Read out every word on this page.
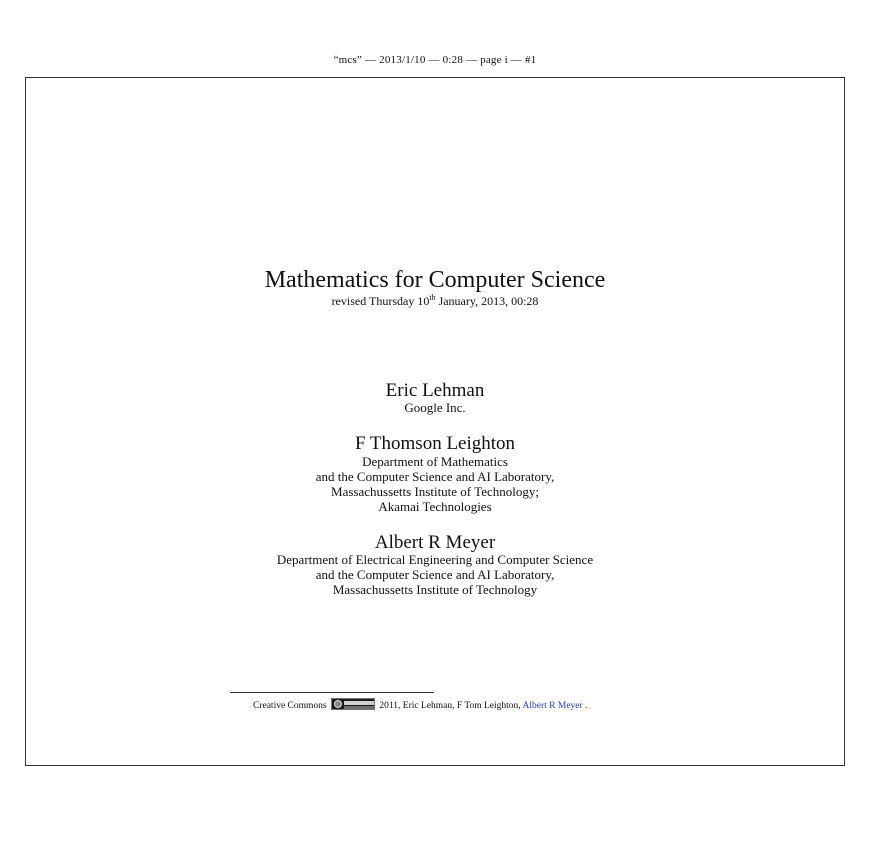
“mcs” — 2013/1/10 — 0:28 — page i — #1
Mathematics for Computer Science
revised Thursday 10th January, 2013, 00:28
Eric Lehman
Google Inc.
F Thomson Leighton
Department of Mathematics
and the Computer Science and AI Laboratory,
Massachussetts Institute of Technology;
Akamai Technologies
Albert R Meyer
Department of Electrical Engineering and Computer Science
and the Computer Science and AI Laboratory,
Massachussetts Institute of Technology
Creative Commons	2011, Eric Lehman, F Tom Leighton, Albert R Meyer .
